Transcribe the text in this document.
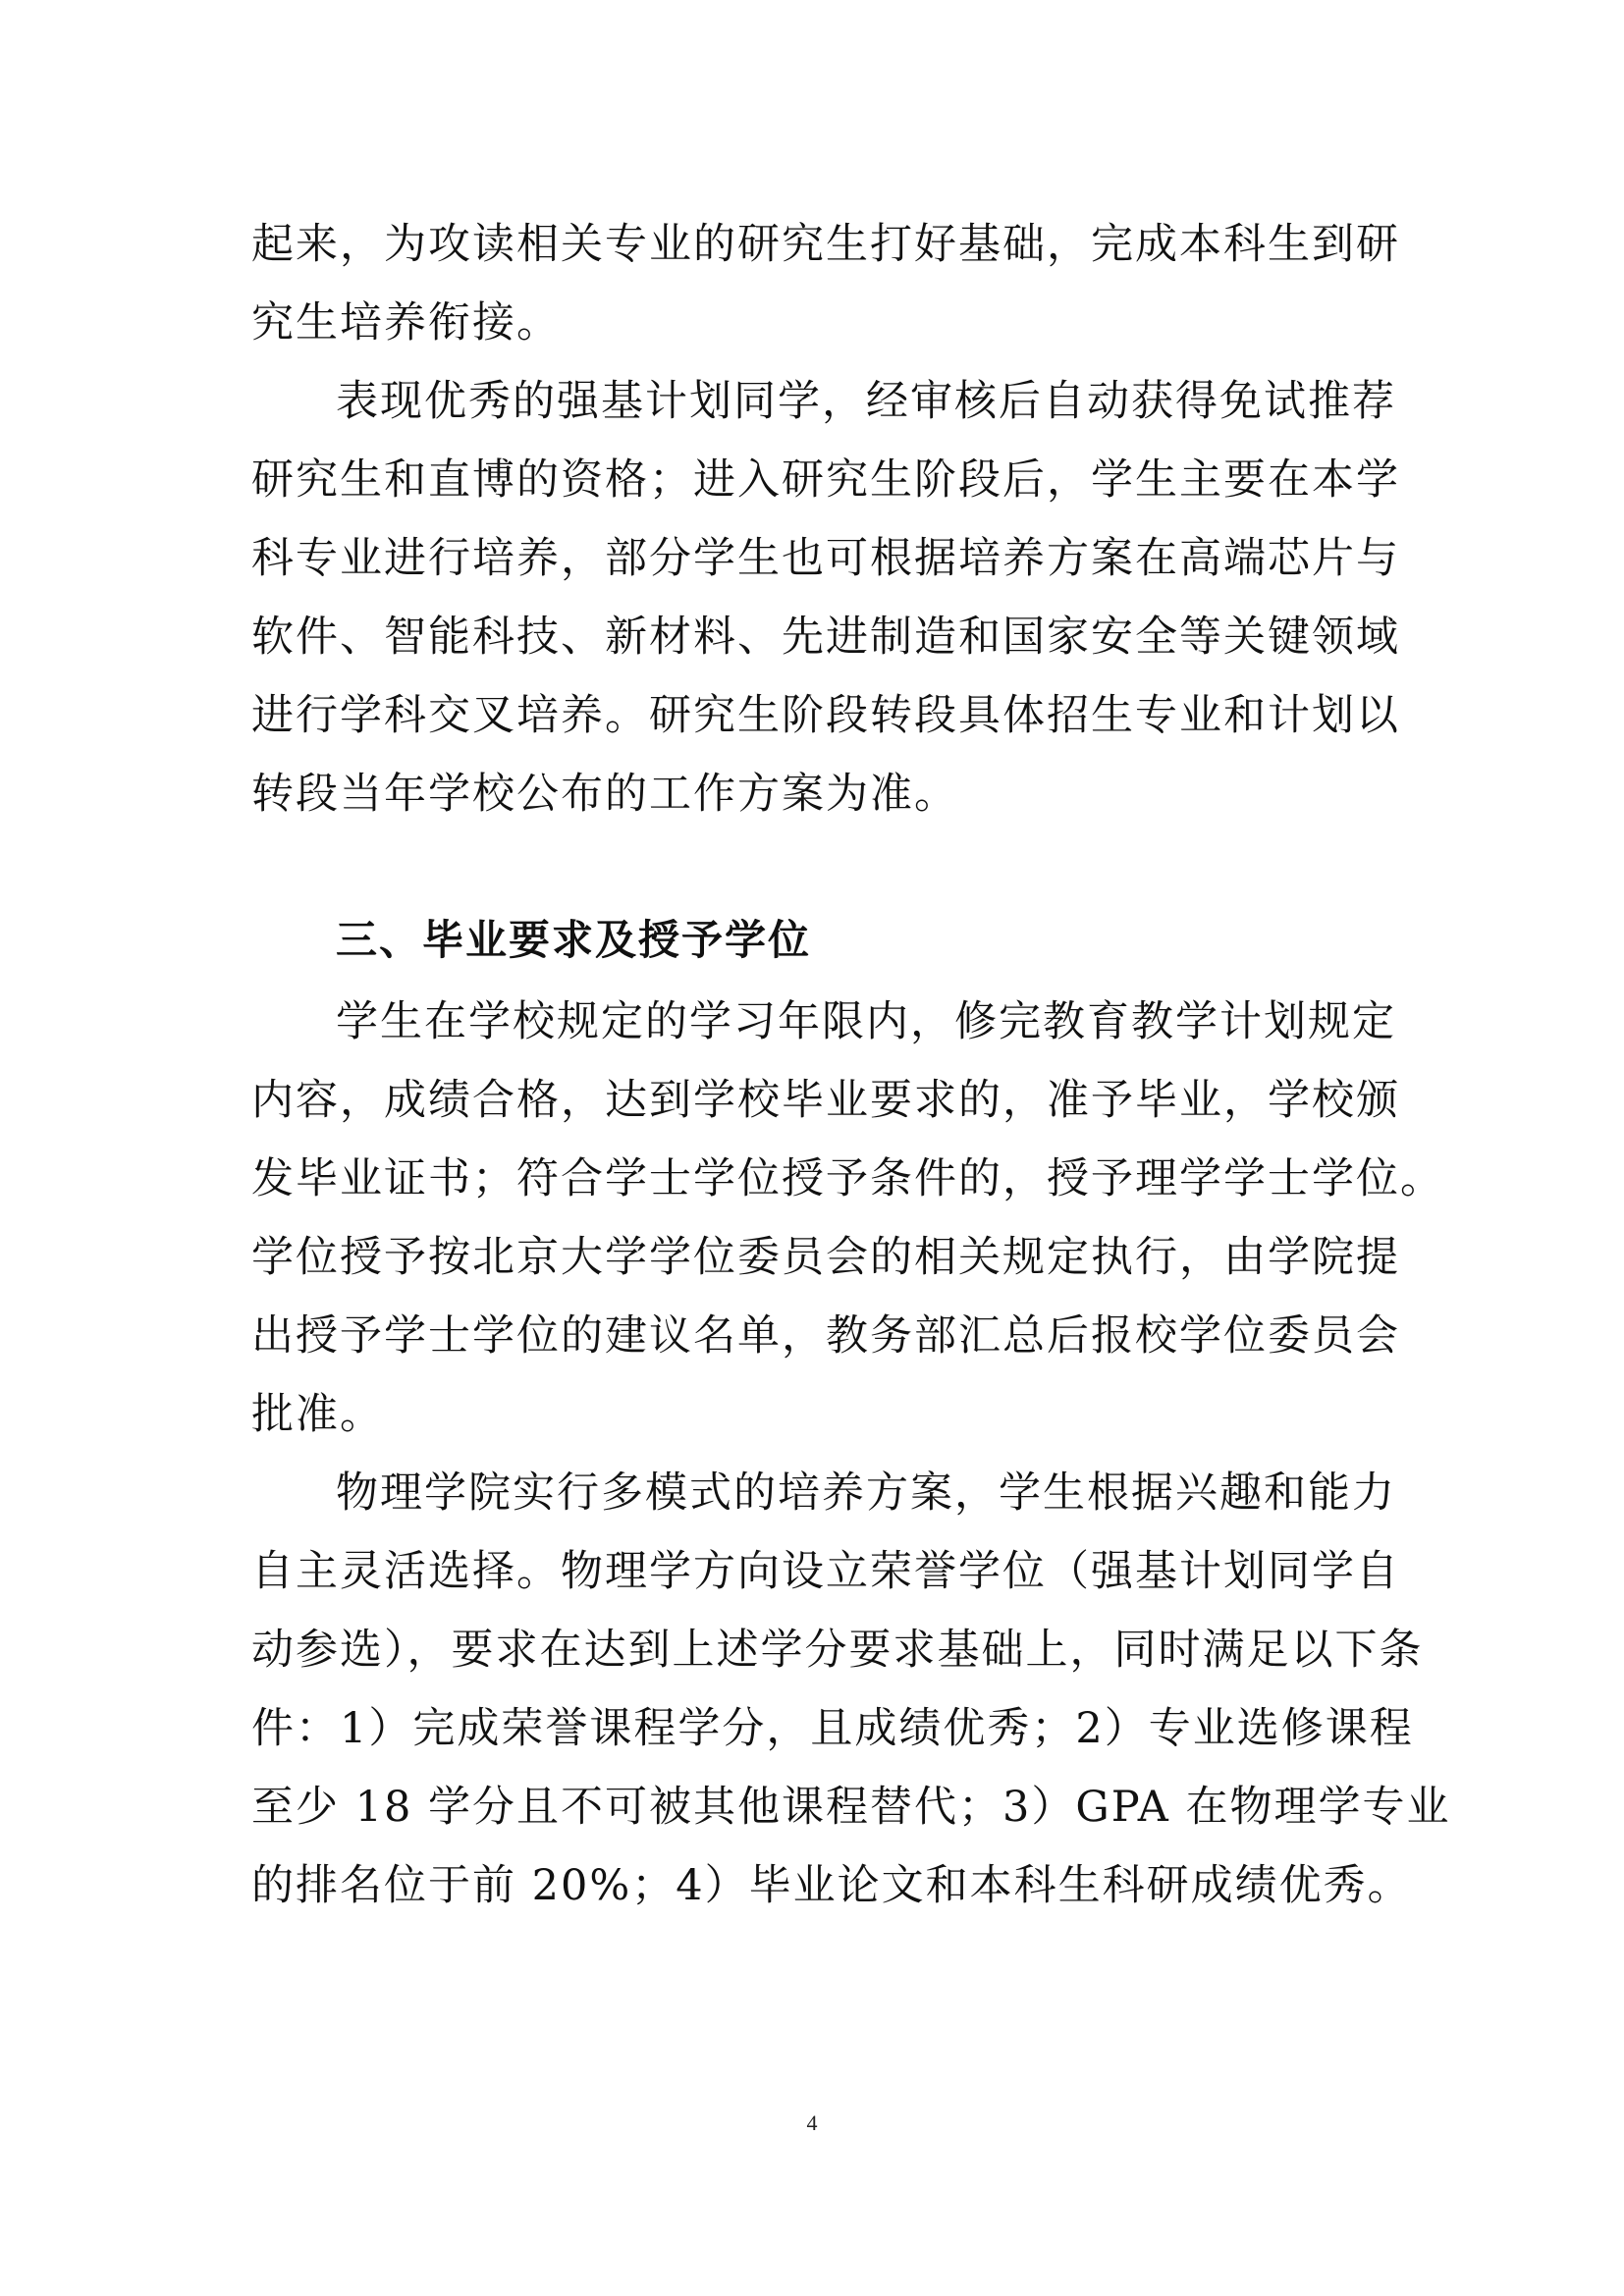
起来，为攻读相关专业的研究生打好基础，完成本科生到研
究生培养衔接。
表现优秀的强基计划同学，经审核后自动获得免试推荐
研究生和直博的资格；进入研究生阶段后，学生主要在本学
科专业进行培养，部分学生也可根据培养方案在高端芯片与
软件、智能科技、新材料、先进制造和国家安全等关键领域
进行学科交叉培养。研究生阶段转段具体招生专业和计划以
转段当年学校公布的工作方案为准。
三、毕业要求及授予学位
学生在学校规定的学习年限内，修完教育教学计划规定
内容，成绩合格，达到学校毕业要求的，准予毕业，学校颁
发毕业证书；符合学士学位授予条件的，授予理学学士学位。
学位授予按北京大学学位委员会的相关规定执行，由学院提
出授予学士学位的建议名单，教务部汇总后报校学位委员会
批准。
物理学院实行多模式的培养方案，学生根据兴趣和能力
自主灵活选择。物理学方向设立荣誉学位（强基计划同学自
动参选），要求在达到上述学分要求基础上，同时满足以下条
件：1）完成荣誉课程学分，且成绩优秀；2）专业选修课程
至少 18 学分且不可被其他课程替代；3）GPA 在物理学专业
的排名位于前 20%；4）毕业论文和本科生科研成绩优秀。
4
